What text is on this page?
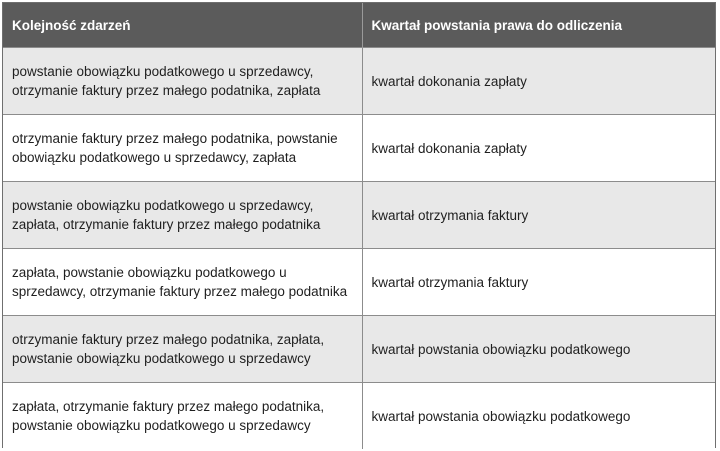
Kolejność zdarzeń	Kwartał powstania prawa do odliczenia
powstanie obowiązku podatkowego u sprzedawcy, otrzymanie faktury przez małego podatnika, zapłata	kwartał dokonania zapłaty
otrzymanie faktury przez małego podatnika, powstanie obowiązku podatkowego u sprzedawcy, zapłata	kwartał dokonania zapłaty
powstanie obowiązku podatkowego u sprzedawcy, zapłata, otrzymanie faktury przez małego podatnika	kwartał otrzymania faktury
zapłata, powstanie obowiązku podatkowego u sprzedawcy, otrzymanie faktury przez małego podatnika	kwartał otrzymania faktury
otrzymanie faktury przez małego podatnika, zapłata, powstanie obowiązku podatkowego u sprzedawcy	kwartał powstania obowiązku podatkowego
zapłata, otrzymanie faktury przez małego podatnika, powstanie obowiązku podatkowego u sprzedawcy	kwartał powstania obowiązku podatkowego
